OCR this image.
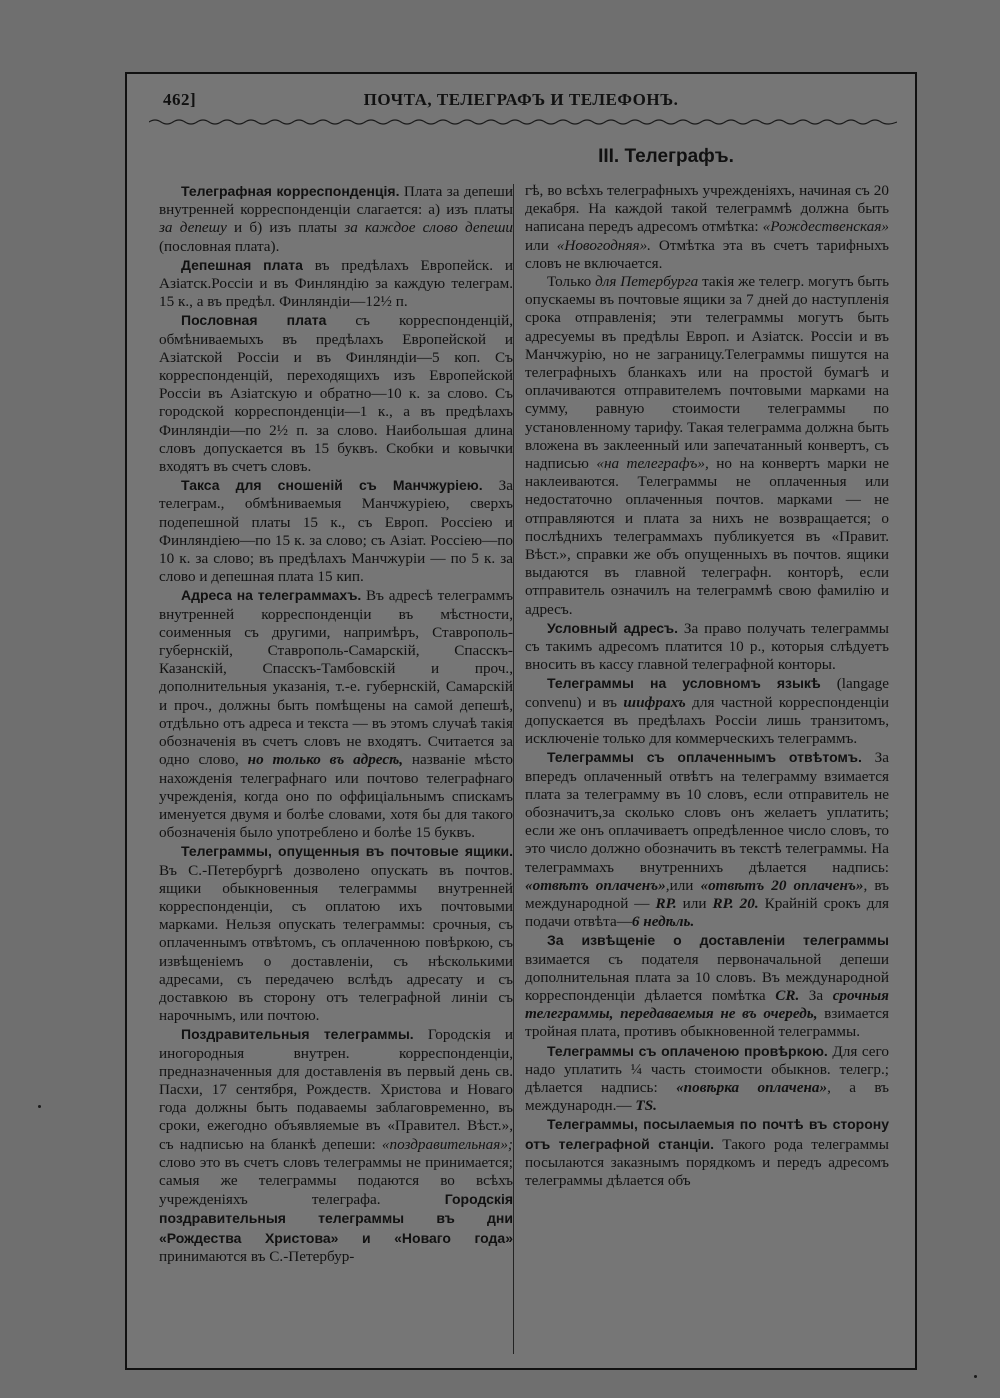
462]	ПОЧТА, ТЕЛЕГРАФЪ И ТЕЛЕФОНЪ.
III. Телеграфъ.

Телеграфная корреспонденція. Плата за депеши внутренней корреспонденціи слагается: а) изъ платы за депешу и б) изъ платы за каждое слово депеши (пословная плата).

Депешная плата въ предѣлахъ Европейск. и Азіатск.Россіи и въ Финляндію за каждую телеграм. 15 к., а въ предѣл. Финляндіи—12½ п.

Пословная плата съ корреспонденцій, обмѣниваемыхъ въ предѣлахъ Европейской и Азіатской Россіи и въ Финляндіи—5 коп. Съ корреспонденцій, переходящихъ изъ Европейской Россіи въ Азіатскую и обратно—10 к. за слово. Съ городской корреспонденціи—1 к., а въ предѣлахъ Финляндіи—по 2½ п. за слово. Наибольшая длина словъ допускается въ 15 буквъ. Скобки и ковычки входятъ въ счетъ словъ.

Такса для сношеній съ Манчжуріею. За телеграм., обмѣниваемыя Манчжуріею, сверхъ подепешной платы 15 к., съ Европ. Россіею и Финляндіею—по 15 к. за слово; съ Азіат. Россіею—по 10 к. за слово; въ предѣлахъ Манчжуріи — по 5 к. за слово и депешная плата 15 кип.

Адреса на телеграммахъ. Въ адресѣ телеграммъ внутренней корреспонденціи въ мѣстности, соименныя съ другими, напримѣръ, Ставрополь-губернскій, Ставрополь-Самарскій, Спасскъ-Казанскій, Спасскъ-Тамбовскій и проч., дополнительныя указанія, т.-е. губернскій, Самарскій и проч., должны быть помѣщены на самой депешѣ, отдѣльно отъ адреса и текста — въ этомъ случаѣ такія обозначенія въ счетъ словъ не входятъ. Считается за одно слово, но только въ адресѣ, названіе мѣсто нахожденія телеграфнаго или почтово телеграфнаго учрежденія, когда оно по оффиціальнымъ спискамъ именуется двумя и болѣе словами, хотя бы для такого обозначенія было употреблено и болѣе 15 буквъ.

Телеграммы, опущенныя въ почтовые ящики. Въ С.-Петербургѣ дозволено опускать въ почтов. ящики обыкновенныя телеграммы внутренней корреспонденціи, съ оплатою ихъ почтовыми марками. Нельзя опускать телеграммы: срочныя, съ оплаченнымъ отвѣтомъ, съ оплаченною повѣркою, съ извѣщеніемъ о доставленіи, съ нѣсколькими адресами, съ передачею вслѣдъ адресату и съ доставкою въ сторону отъ телеграфной линіи съ нарочнымъ, или почтою.

Поздравительныя телеграммы. Городскія и иногородныя внутрен. корреспонденціи, предназначенныя для доставленія въ первый день св. Пасхи, 17 сентября, Рождеств. Христова и Новаго года должны быть подаваемы заблаговременно, въ сроки, ежегодно объявляемые въ «Правител. Вѣст.», съ надписью на бланкѣ депеши: «поздравительная»; слово это въ счетъ словъ телеграммы не принимается; самыя же телеграммы подаются во всѣхъ учрежденіяхъ телеграфа. Городскія поздравительныя телеграммы въ дни «Рождества Христова» и «Новаго года» принимаются въ С.-Петербур-

гѣ, во всѣхъ телеграфныхъ учрежденіяхъ, начиная съ 20 декабря. На каждой такой телеграммѣ должна быть написана передъ адресомъ отмѣтка: «Рождественская» или «Новогодняя». Отмѣтка эта въ счетъ тарифныхъ словъ не включается.

Только для Петербурга такія же телегр. могутъ быть опускаемы въ почтовые ящики за 7 дней до наступленія срока отправленія; эти телеграммы могутъ быть адресуемы въ предѣлы Европ. и Азіатск. Россіи и въ Манчжурію, но не заграницу.Телеграммы пишутся на телеграфныхъ бланкахъ или на простой бумагѣ и оплачиваются отправителемъ почтовыми марками на сумму, равную стоимости телеграммы по установленному тарифу. Такая телеграмма должна быть вложена въ заклеенный или запечатанный конвертъ, съ надписью «на телеграфъ», но на конвертъ марки не наклеиваются. Телеграммы не оплаченныя или недостаточно оплаченныя почтов. марками — не отправляются и плата за нихъ не возвращается; о послѣднихъ телеграммахъ публикуется въ «Правит. Вѣст.», справки же объ опущенныхъ въ почтов. ящики выдаются въ главной телеграфн. конторѣ, если отправитель означилъ на телеграммѣ свою фамилію и адресъ.

Условный адресъ. За право получать телеграммы съ такимъ адресомъ платится 10 р., которыя слѣдуетъ вносить въ кассу главной телеграфной конторы.

Телеграммы на условномъ языкѣ (langage convenu) и въ шифрахъ для частной корреспонденціи допускается въ предѣлахъ Россіи лишь транзитомъ, исключеніе только для коммерческихъ телеграммъ.

Телеграммы съ оплаченнымъ отвѣтомъ. За впередъ оплаченный отвѣтъ на телеграмму взимается плата за телеграмму въ 10 словъ, если отправитель не обозначитъ,за сколько словъ онъ желаетъ уплатить; если же онъ оплачиваетъ опредѣленное число словъ, то это число должно обозначить въ текстѣ телеграммы. На телеграммахъ внутреннихъ дѣлается надпись: «отвѣтъ оплаченъ»,или «отвѣтъ 20 оплаченъ», въ международной — RP. или RP. 20. Крайній срокъ для подачи отвѣта—6 недѣль.

За извѣщеніе о доставленіи телеграммы взимается съ подателя первоначальной депеши дополнительная плата за 10 словъ. Въ международной корреспонденціи дѣлается помѣтка CR. За срочныя телеграммы, передаваемыя не въ очередь, взимается тройная плата, противъ обыкновенной телеграммы.

Телеграммы съ оплаченою провѣркою. Для сего надо уплатить ¼ часть стоимости обыкнов. телегр.; дѣлается надпись: «повѣрка оплачена», а въ международн.— TS.

Телеграммы, посылаемыя по почтѣ въ сторону отъ телеграфной станціи. Такого рода телеграммы посылаются заказнымъ порядкомъ и передъ адресомъ телеграммы дѣлается объ
